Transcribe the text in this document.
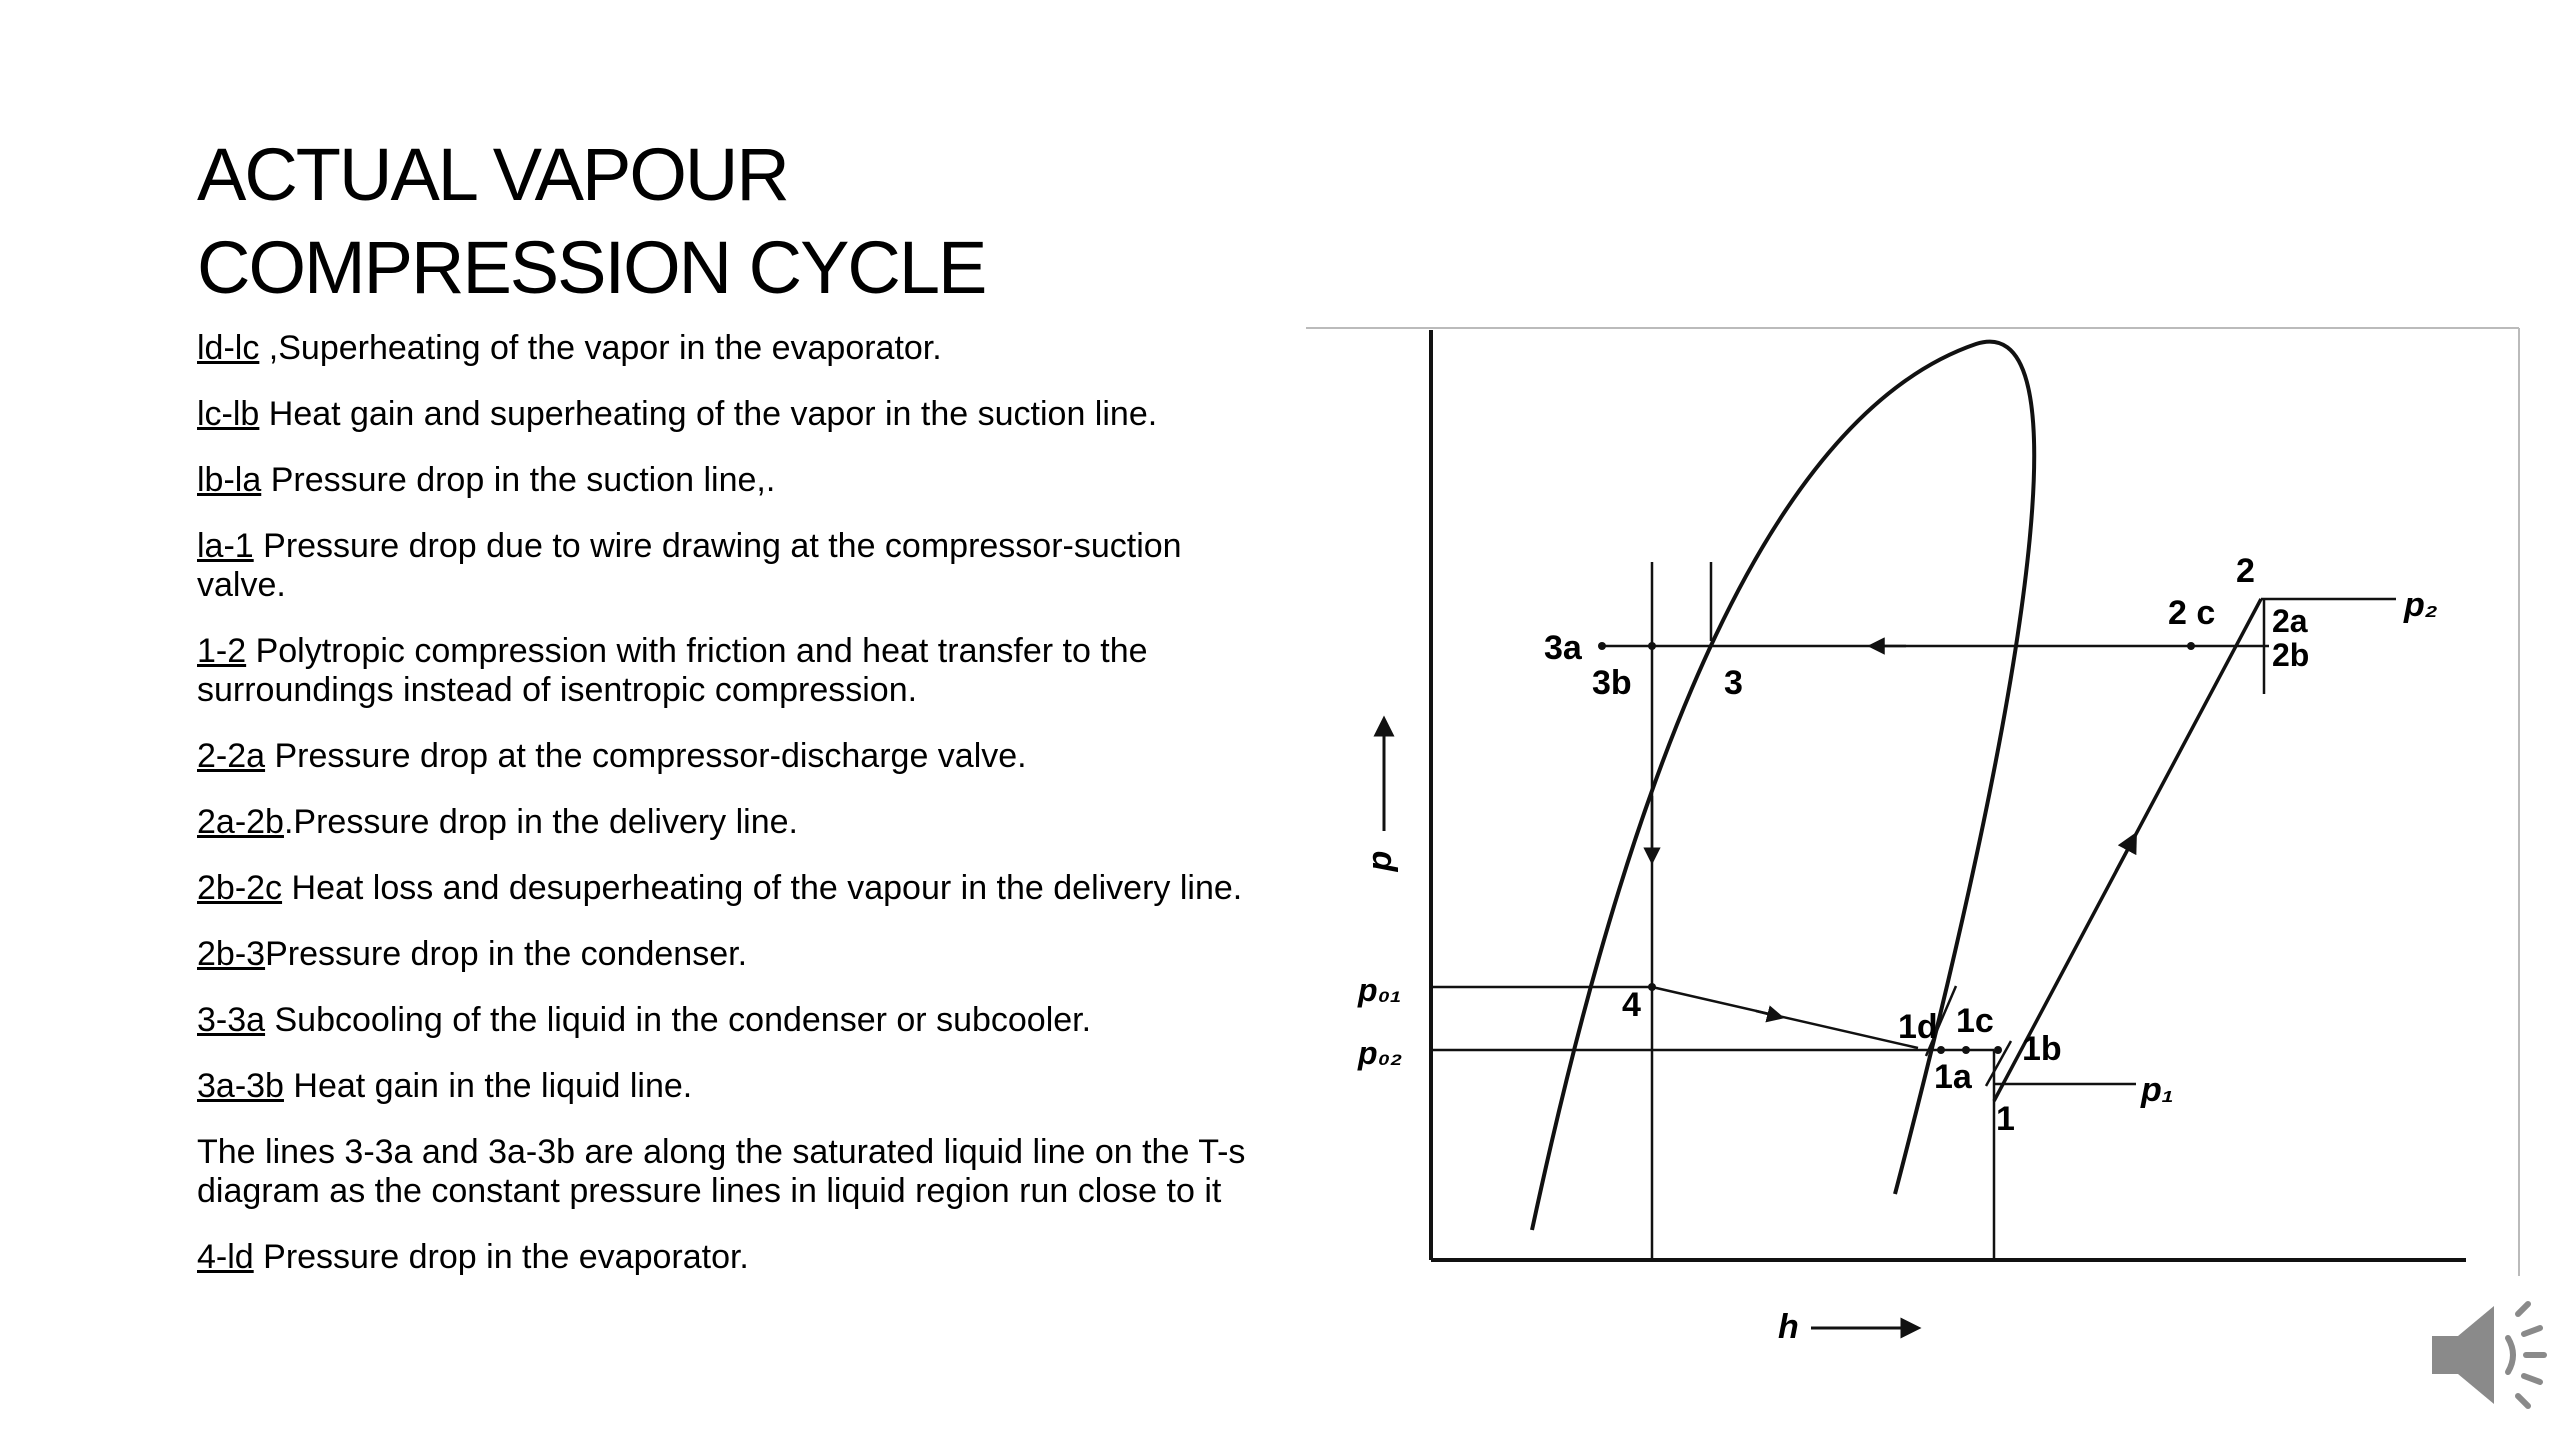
ACTUAL VAPOUR
COMPRESSION CYCLE
ld-lc ,Superheating of the vapor in the evaporator.
lc-lb Heat gain and superheating of the vapor in the suction line.
lb-la Pressure drop in the suction line,.
la-1 Pressure drop due to wire drawing at the compressor-suction valve.
1-2 Polytropic compression with friction and heat transfer to the surroundings instead of isentropic compression.
2-2a Pressure drop at the compressor-discharge valve.
2a-2b.Pressure drop in the delivery line.
2b-2c Heat loss and desuperheating of the vapour in the delivery line.
2b-3Pressure drop in the condenser.
3-3a Subcooling of the liquid in the condenser or subcooler.
3a-3b Heat gain in the liquid line.
The lines 3-3a and 3a-3b are along the saturated liquid line on the T-s diagram as the constant pressure lines in liquid region run close to it
4-ld Pressure drop in the evaporator.
p
h
p₂
p₁
p₀₁
p₀₂
2
2 c 2a
2b
3a
3b	3
4
1d 1c
1b
1a
1
